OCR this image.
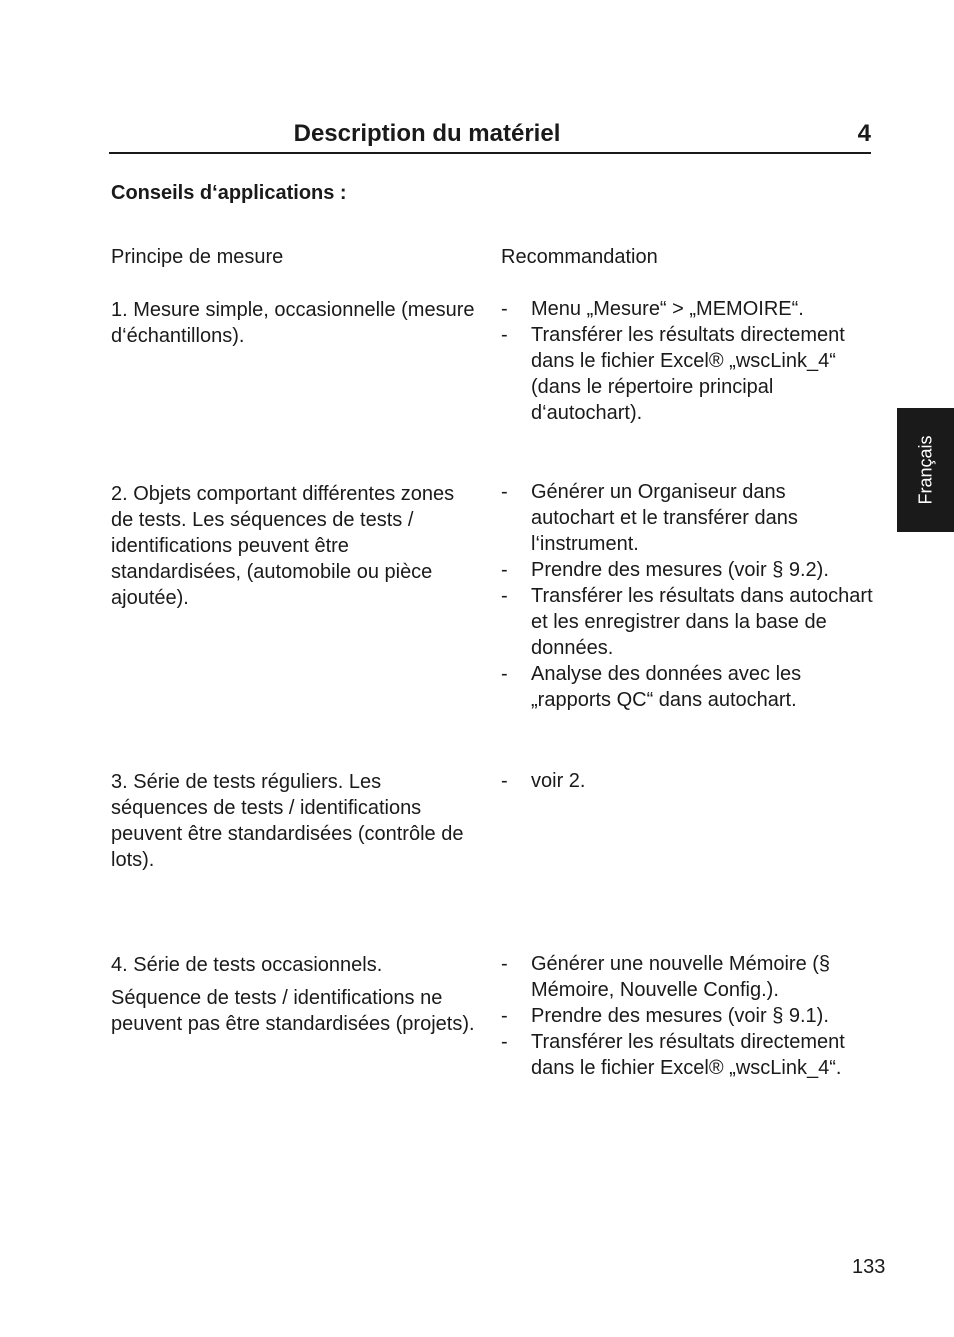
Description du matériel	4
Conseils d‘applications :
Principe de mesure	Recommandation

1. Mesure simple, occasionnelle (mesure d‘échantillons).

- Menu „Mesure“ > „MEMOIRE“.
- Transférer les résultats directement dans le fichier Excel® „wscLink_4“ (dans le répertoire principal d‘autochart).

2. Objets comportant différentes zones de tests. Les séquences de tests / identifications peuvent être standardisées, (automobile ou pièce ajoutée).

- Générer un Organiseur dans autochart et le transférer dans l‘instrument.
- Prendre des mesures (voir § 9.2).
- Transférer les résultats dans autochart et les enregistrer dans la base de données.
- Analyse des données avec les „rapports QC“ dans autochart.

3. Série de tests réguliers. Les séquences de tests / identifications peuvent être standardisées (contrôle de lots).

- voir 2.

4. Série de tests occasionnels.

Séquence de tests / identifications ne peuvent pas être standardisées (projets).

- Générer une nouvelle Mémoire (§ Mémoire, Nouvelle Config.).
- Prendre des mesures (voir § 9.1).
- Transférer les résultats directement dans le fichier Excel® „wscLink_4“.
Français
133
